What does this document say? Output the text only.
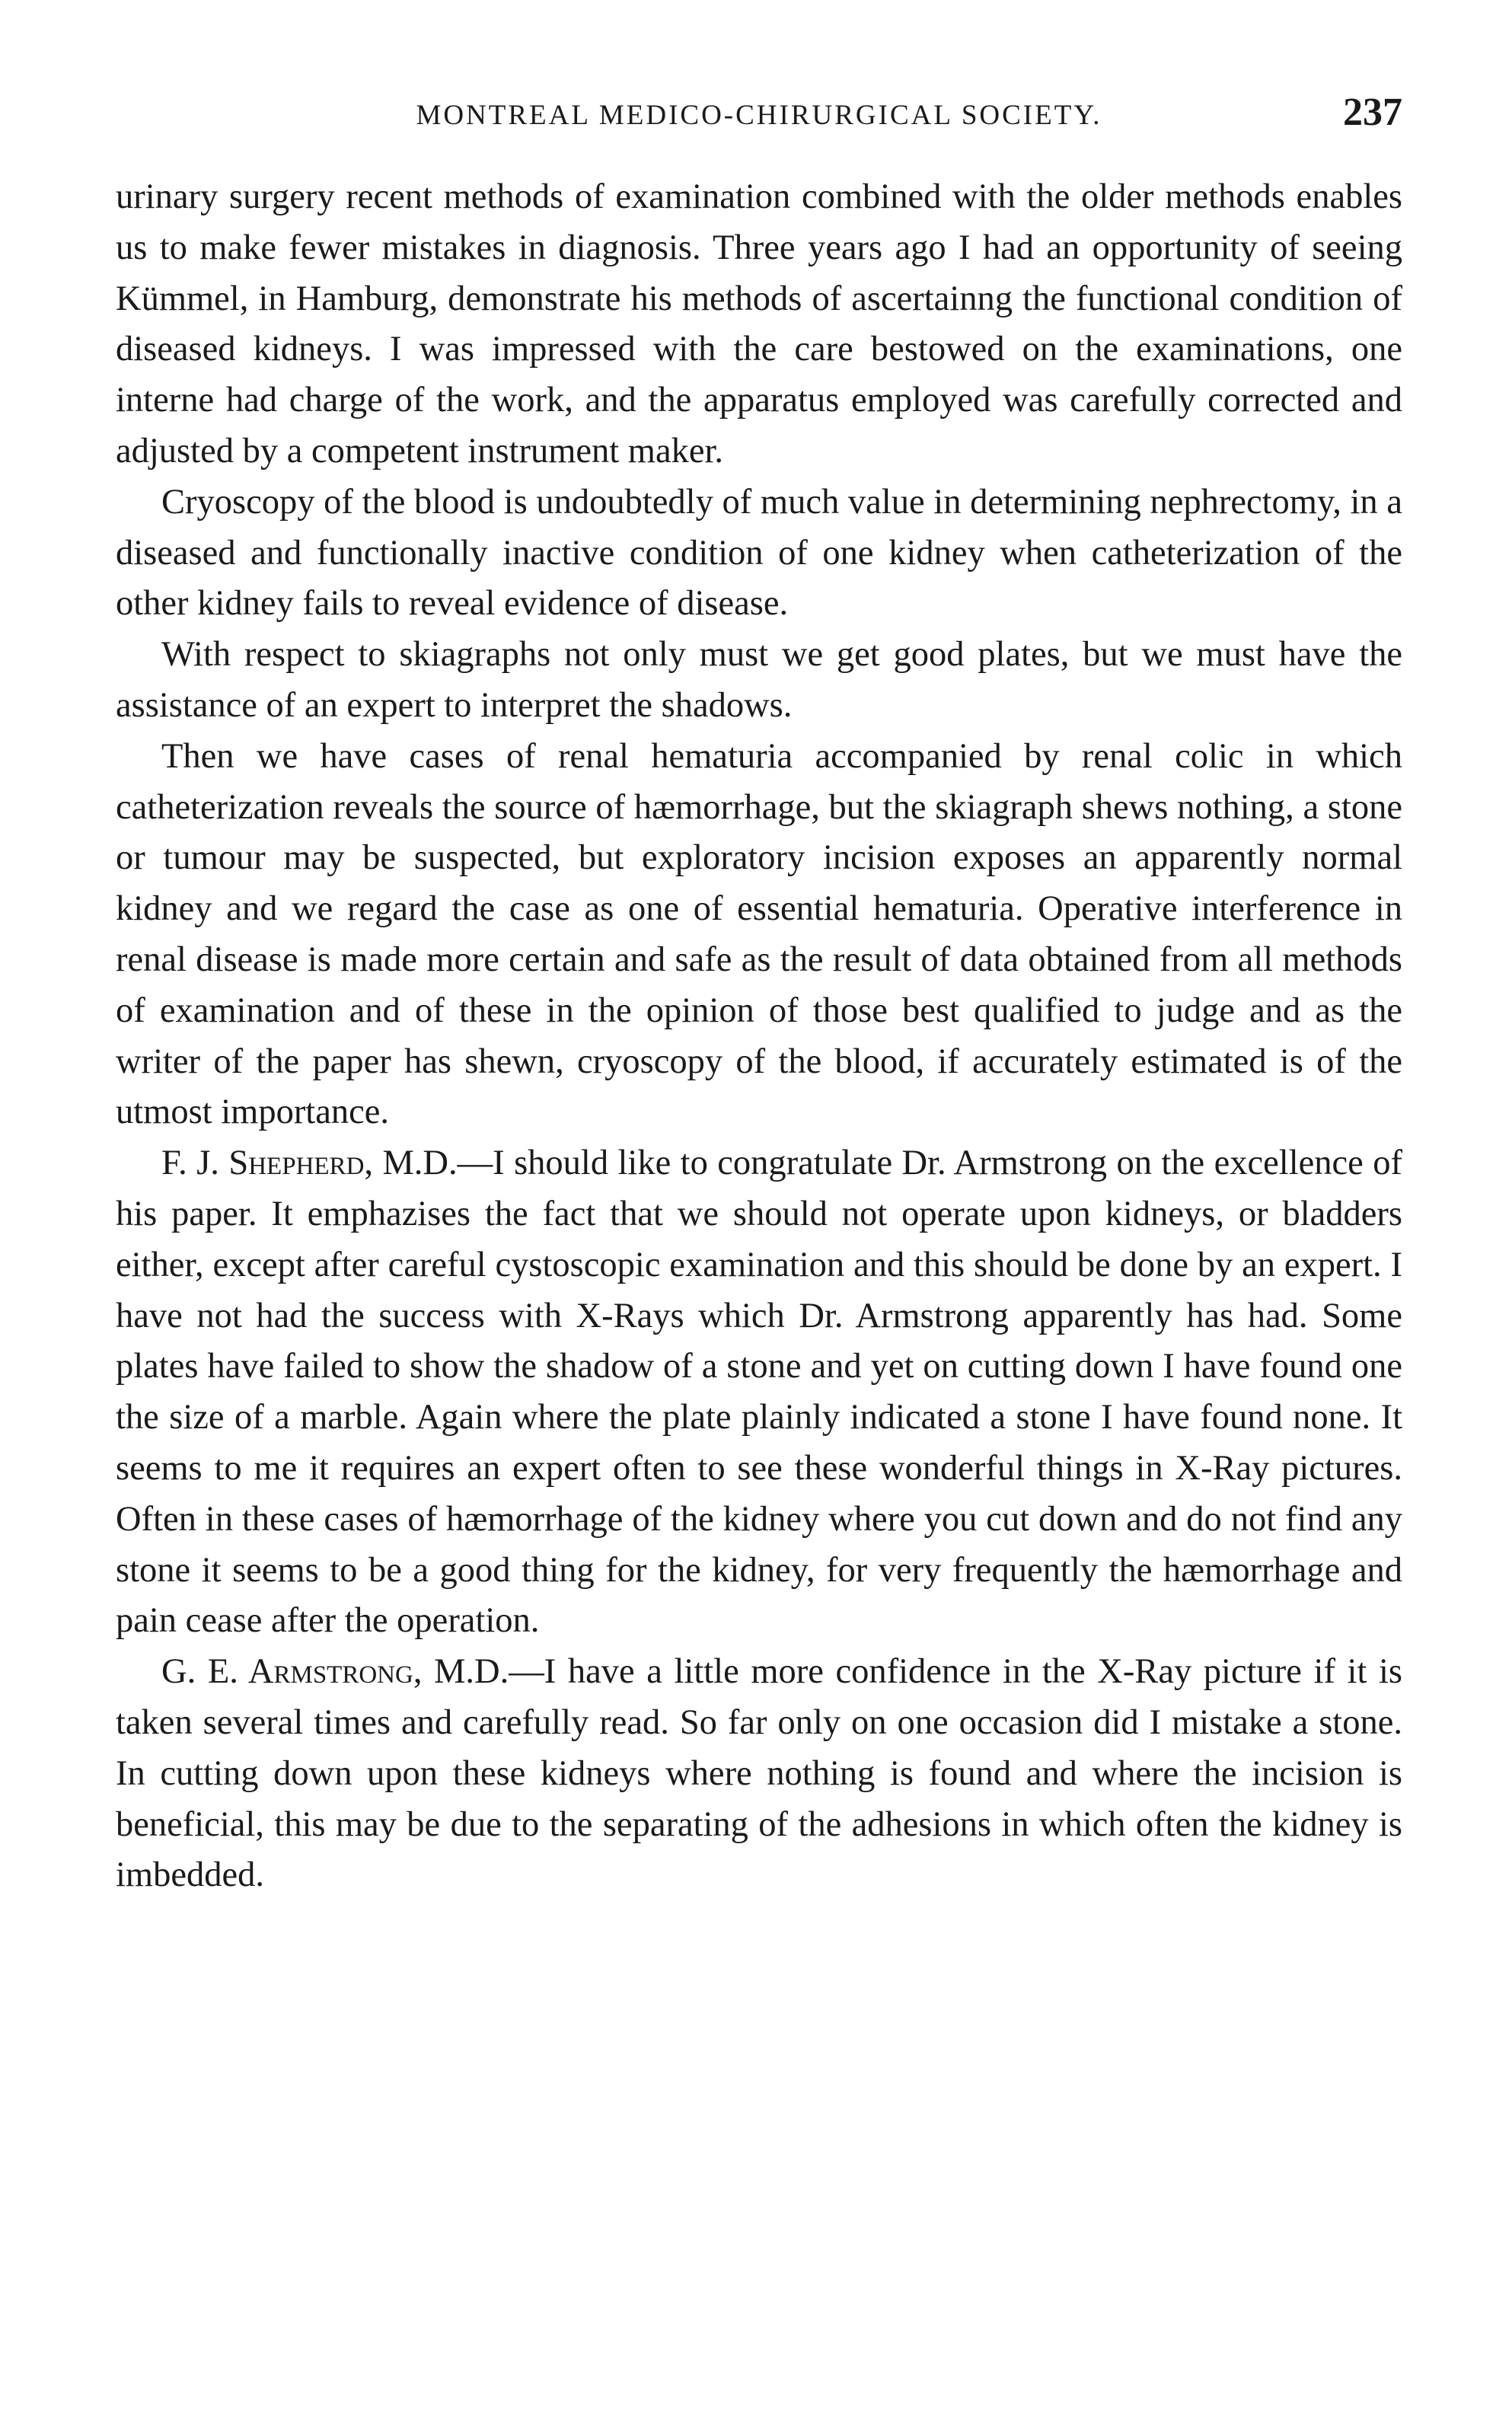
MONTREAL MEDICO-CHIRURGICAL SOCIETY.	237

urinary surgery recent methods of examination combined with the older methods enables us to make fewer mistakes in diagnosis. Three years ago I had an opportunity of seeing Kümmel, in Hamburg, demonstrate his methods of ascertainng the functional condition of diseased kidneys. I was impressed with the care bestowed on the examinations, one interne had charge of the work, and the apparatus employed was carefully corrected and adjusted by a competent instrument maker.

Cryoscopy of the blood is undoubtedly of much value in determining nephrectomy, in a diseased and functionally inactive condition of one kidney when catheterization of the other kidney fails to reveal evidence of disease.

With respect to skiagraphs not only must we get good plates, but we must have the assistance of an expert to interpret the shadows.

Then we have cases of renal hematuria accompanied by renal colic in which catheterization reveals the source of hæmorrhage, but the skiagraph shews nothing, a stone or tumour may be suspected, but exploratory incision exposes an apparently normal kidney and we regard the case as one of essential hematuria. Operative interference in renal disease is made more certain and safe as the result of data obtained from all methods of examination and of these in the opinion of those best qualified to judge and as the writer of the paper has shewn, cryoscopy of the blood, if accurately estimated is of the utmost importance.

F. J. Shepherd, M.D.—I should like to congratulate Dr. Armstrong on the excellence of his paper. It emphazises the fact that we should not operate upon kidneys, or bladders either, except after careful cystoscopic examination and this should be done by an expert. I have not had the success with X-Rays which Dr. Armstrong apparently has had. Some plates have failed to show the shadow of a stone and yet on cutting down I have found one the size of a marble. Again where the plate plainly indicated a stone I have found none. It seems to me it requires an expert often to see these wonderful things in X-Ray pictures. Often in these cases of hæmorrhage of the kidney where you cut down and do not find any stone it seems to be a good thing for the kidney, for very frequently the hæmorrhage and pain cease after the operation.

G. E. Armstrong, M.D.—I have a little more confidence in the X-Ray picture if it is taken several times and carefully read. So far only on one occasion did I mistake a stone. In cutting down upon these kidneys where nothing is found and where the incision is beneficial, this may be due to the separating of the adhesions in which often the kidney is imbedded.
